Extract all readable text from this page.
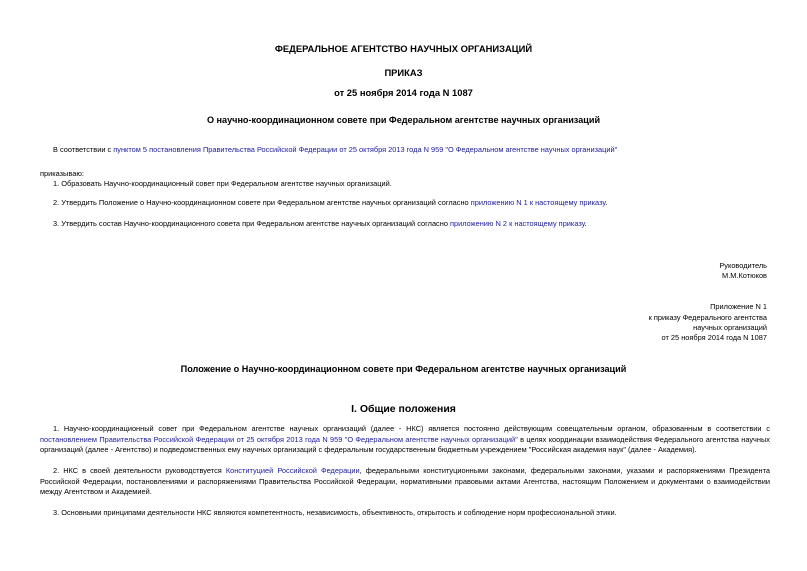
ФЕДЕРАЛЬНОЕ АГЕНТСТВО НАУЧНЫХ ОРГАНИЗАЦИЙ
ПРИКАЗ
от 25 ноября 2014 года N 1087
О научно-координационном совете при Федеральном агентстве научных организаций
В соответствии с пунктом 5 постановления Правительства Российской Федерации от 25 октября 2013 года N 959 "О Федеральном агентстве научных организаций"
приказываю:
1. Образовать Научно-координационный совет при Федеральном агентстве научных организаций.
2. Утвердить Положение о Научно-координационном совете при Федеральном агентстве научных организаций согласно приложению N 1 к настоящему приказу.
3. Утвердить состав Научно-координационного совета при Федеральном агентстве научных организаций согласно приложению N 2 к настоящему приказу.
Руководитель
М.М.Котюков
Приложение N 1
к приказу Федерального агентства
научных организаций
от 25 ноября 2014 года N 1087
Положение о Научно-координационном совете при Федеральном агентстве научных организаций
I. Общие положения
1. Научно-координационный совет при Федеральном агентстве научных организаций (далее - НКС) является постоянно действующим совещательным органом, образованным в соответствии с постановлением Правительства Российской Федерации от 25 октября 2013 года N 959 "О Федеральном агентстве научных организаций" в целях координации взаимодействия Федерального агентства научных организаций (далее - Агентство) и подведомственных ему научных организаций с федеральным государственным бюджетным учреждением "Российская академия наук" (далее - Академия).
2. НКС в своей деятельности руководствуется Конституцией Российской Федерации, федеральными конституционными законами, федеральными законами, указами и распоряжениями Президента Российской Федерации, постановлениями и распоряжениями Правительства Российской Федерации, нормативными правовыми актами Агентства, настоящим Положением и документами о взаимодействии между Агентством и Академией.
3. Основными принципами деятельности НКС являются компетентность, независимость, объективность, открытость и соблюдение норм профессиональной этики.
